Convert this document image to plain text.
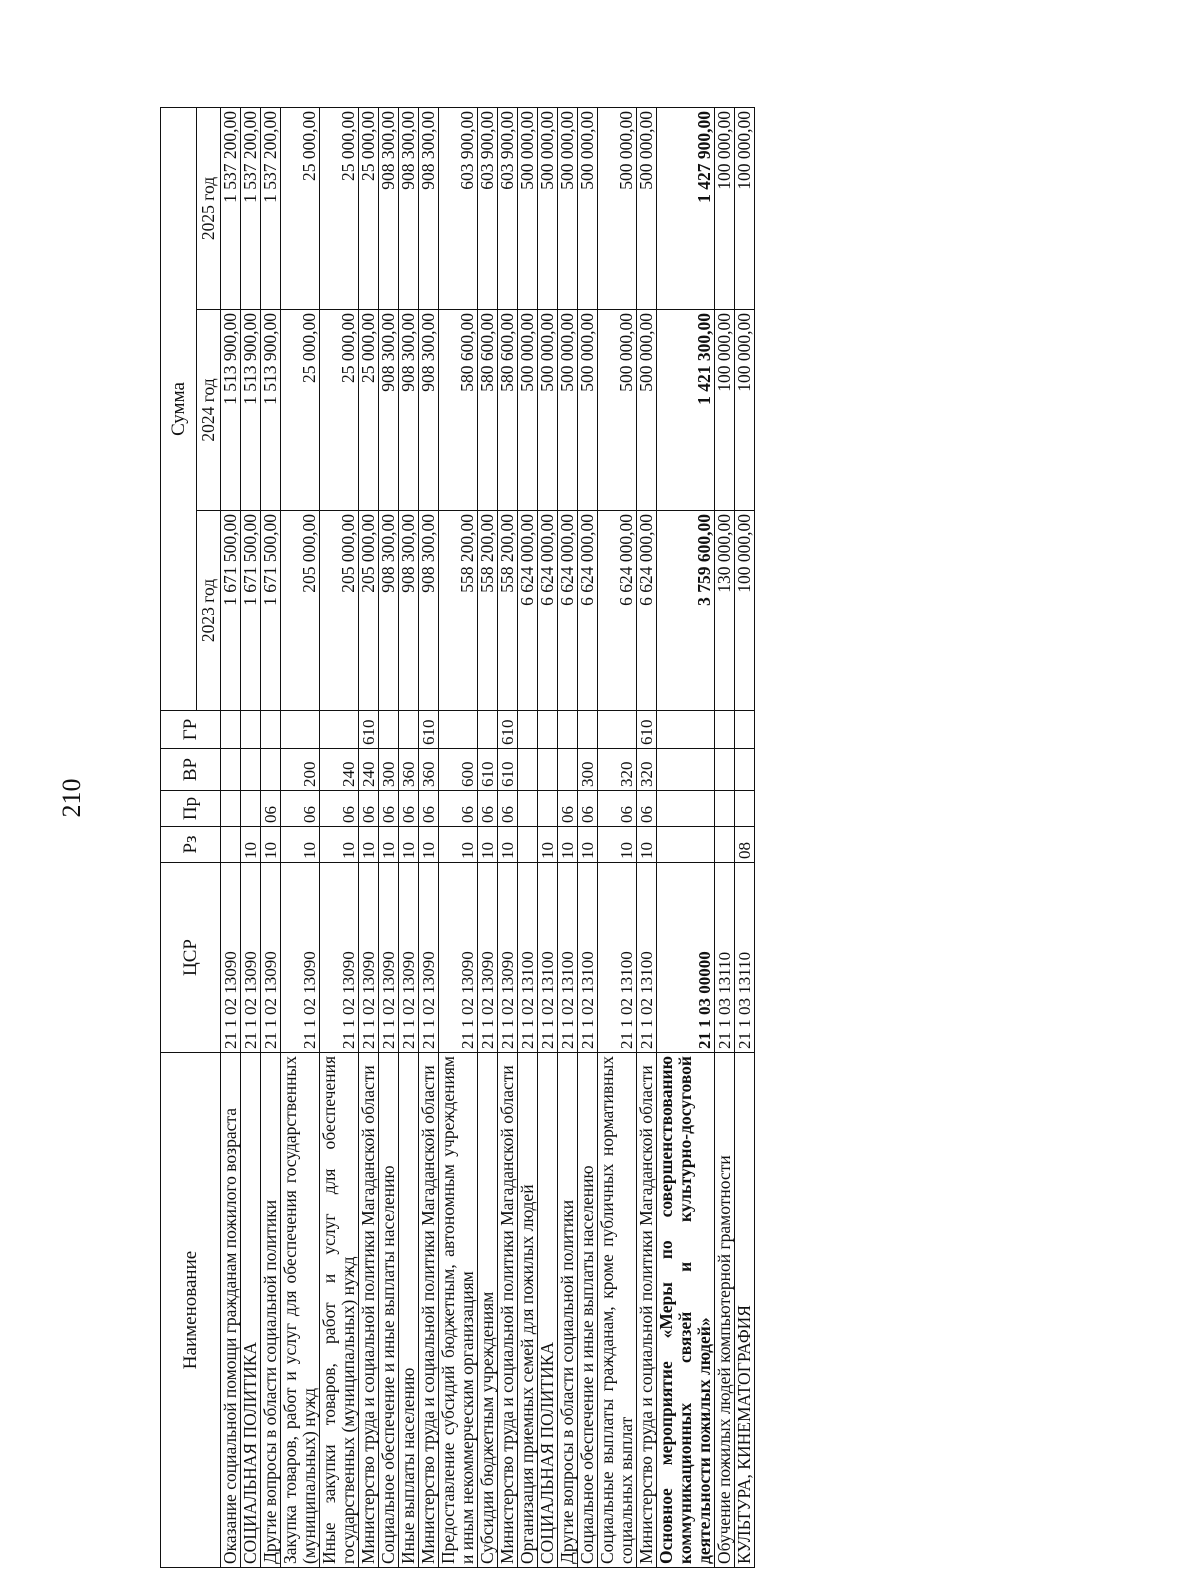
210
Наименование	ЦСР	Рз	Пр	ВР	ГР	Сумма		
						2023 год	2024 год	2025 год
Оказание социальной помощи гражданам пожилого возраста	21 1 02 13090					1 671 500,00	1 513 900,00	1 537 200,00
СОЦИАЛЬНАЯ ПОЛИТИКА	21 1 02 13090	10				1 671 500,00	1 513 900,00	1 537 200,00
Другие вопросы в области социальной политики	21 1 02 13090	10	06			1 671 500,00	1 513 900,00	1 537 200,00
Закупка товаров, работ и услуг для обеспечения государственных (муниципальных) нужд	21 1 02 13090	10	06	200		205 000,00	25 000,00	25 000,00
Иные закупки товаров, работ и услуг для обеспечения государственных (муниципальных) нужд	21 1 02 13090	10	06	240		205 000,00	25 000,00	25 000,00
Министерство труда и социальной политики Магаданской области	21 1 02 13090	10	06	240	610	205 000,00	25 000,00	25 000,00
Социальное обеспечение и иные выплаты населению	21 1 02 13090	10	06	300		908 300,00	908 300,00	908 300,00
Иные выплаты населению	21 1 02 13090	10	06	360		908 300,00	908 300,00	908 300,00
Министерство труда и социальной политики Магаданской области	21 1 02 13090	10	06	360	610	908 300,00	908 300,00	908 300,00
Предоставление субсидий бюджетным, автономным учреждениям и иным некоммерческим организациям	21 1 02 13090	10	06	600		558 200,00	580 600,00	603 900,00
Субсидии бюджетным учреждениям	21 1 02 13090	10	06	610		558 200,00	580 600,00	603 900,00
Министерство труда и социальной политики Магаданской области	21 1 02 13090	10	06	610	610	558 200,00	580 600,00	603 900,00
Организация приемных семей для пожилых людей	21 1 02 13100					6 624 000,00	500 000,00	500 000,00
СОЦИАЛЬНАЯ ПОЛИТИКА	21 1 02 13100	10				6 624 000,00	500 000,00	500 000,00
Другие вопросы в области социальной политики	21 1 02 13100	10	06			6 624 000,00	500 000,00	500 000,00
Социальное обеспечение и иные выплаты населению	21 1 02 13100	10	06	300		6 624 000,00	500 000,00	500 000,00
Социальные выплаты гражданам, кроме публичных нормативных социальных выплат	21 1 02 13100	10	06	320		6 624 000,00	500 000,00	500 000,00
Министерство труда и социальной политики Магаданской области	21 1 02 13100	10	06	320	610	6 624 000,00	500 000,00	500 000,00
Основное мероприятие «Меры по совершенствованию коммуникационных связей и культурно-досуговой деятельности пожилых людей»	21 1 03 00000					3 759 600,00	1 421 300,00	1 427 900,00
Обучение пожилых людей компьютерной грамотности	21 1 03 13110					130 000,00	100 000,00	100 000,00
КУЛЬТУРА, КИНЕМАТОГРАФИЯ	21 1 03 13110	08				100 000,00	100 000,00	100 000,00
